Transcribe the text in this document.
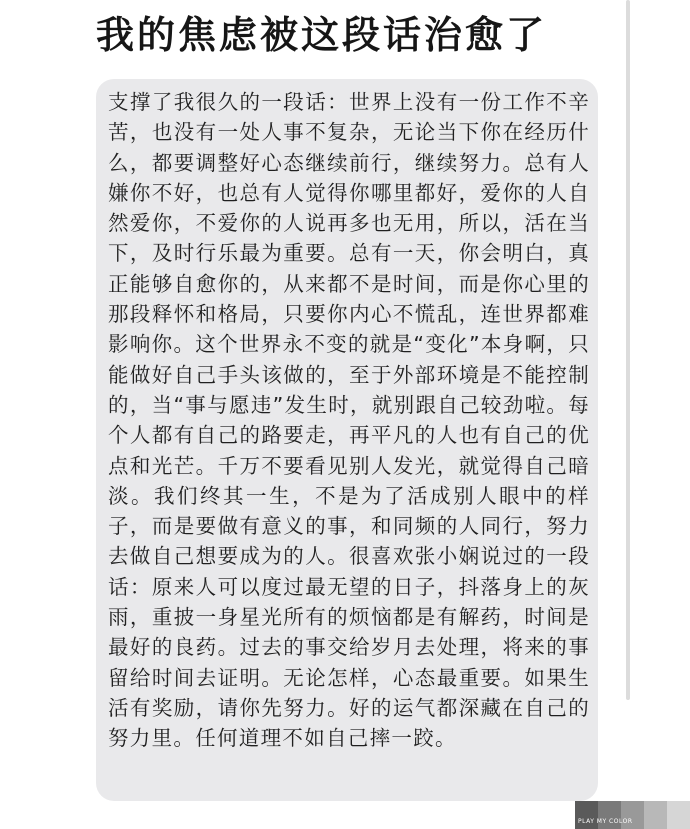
我的焦虑被这段话治愈了

支撑了我很久的一段话：世界上没有一份工作不辛苦，也没有一处人事不复杂，无论当下你在经历什么，都要调整好心态继续前行，继续努力。总有人嫌你不好，也总有人觉得你哪里都好，爱你的人自然爱你，不爱你的人说再多也无用，所以，活在当下，及时行乐最为重要。总有一天，你会明白，真正能够自愈你的，从来都不是时间，而是你心里的那段释怀和格局，只要你内心不慌乱，连世界都难影响你。这个世界永不变的就是“变化”本身啊，只能做好自己手头该做的，至于外部环境是不能控制的，当“事与愿违”发生时，就别跟自己较劲啦。每个人都有自己的路要走，再平凡的人也有自己的优点和光芒。千万不要看见别人发光，就觉得自己暗淡。我们终其一生，不是为了活成别人眼中的样子，而是要做有意义的事，和同频的人同行，努力去做自己想要成为的人。很喜欢张小娴说过的一段话：原来人可以度过最无望的日子，抖落身上的灰雨，重披一身星光所有的烦恼都是有解药，时间是最好的良药。过去的事交给岁月去处理，将来的事留给时间去证明。无论怎样，心态最重要。如果生活有奖励，请你先努力。好的运气都深藏在自己的努力里。任何道理不如自己摔一跤。

PLAY MY COLOR
